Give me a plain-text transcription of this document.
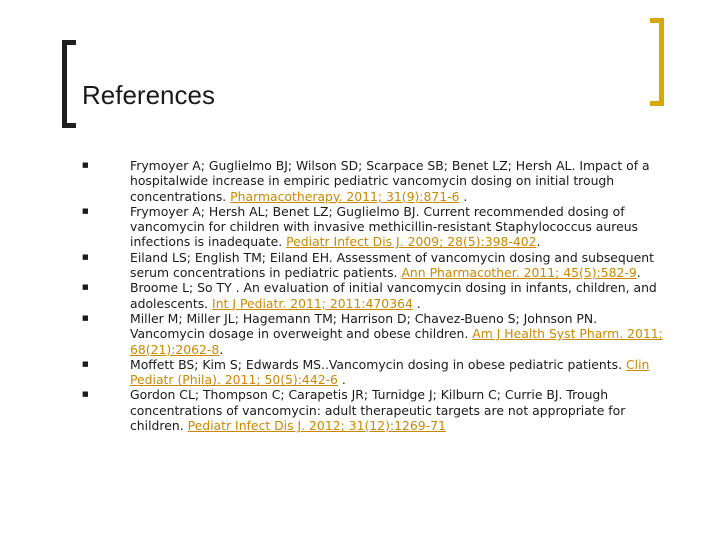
References
■	Frymoyer A; Guglielmo BJ; Wilson SD; Scarpace SB; Benet LZ; Hersh AL. Impact of a hospitalwide increase in empiric pediatric vancomycin dosing on initial trough concentrations. Pharmacotherapy. 2011; 31(9):871-6 .
■	Frymoyer A; Hersh AL; Benet LZ; Guglielmo BJ. Current recommended dosing of vancomycin for children with invasive methicillin-resistant Staphylococcus aureus infections is inadequate. Pediatr Infect Dis J. 2009; 28(5):398-402.
■	Eiland LS; English TM; Eiland EH. Assessment of vancomycin dosing and subsequent serum concentrations in pediatric patients. Ann Pharmacother. 2011; 45(5):582-9.
■	Broome L; So TY . An evaluation of initial vancomycin dosing in infants, children, and adolescents. Int J Pediatr. 2011; 2011:470364 .
■	Miller M; Miller JL; Hagemann TM; Harrison D; Chavez-Bueno S; Johnson PN. Vancomycin dosage in overweight and obese children. Am J Health Syst Pharm. 2011; 68(21):2062-8.
■	Moffett BS; Kim S; Edwards MS..Vancomycin dosing in obese pediatric patients. Clin Pediatr (Phila). 2011; 50(5):442-6 .
■	Gordon CL; Thompson C; Carapetis JR; Turnidge J; Kilburn C; Currie BJ. Trough concentrations of vancomycin: adult therapeutic targets are not appropriate for children. Pediatr Infect Dis J. 2012; 31(12):1269-71
